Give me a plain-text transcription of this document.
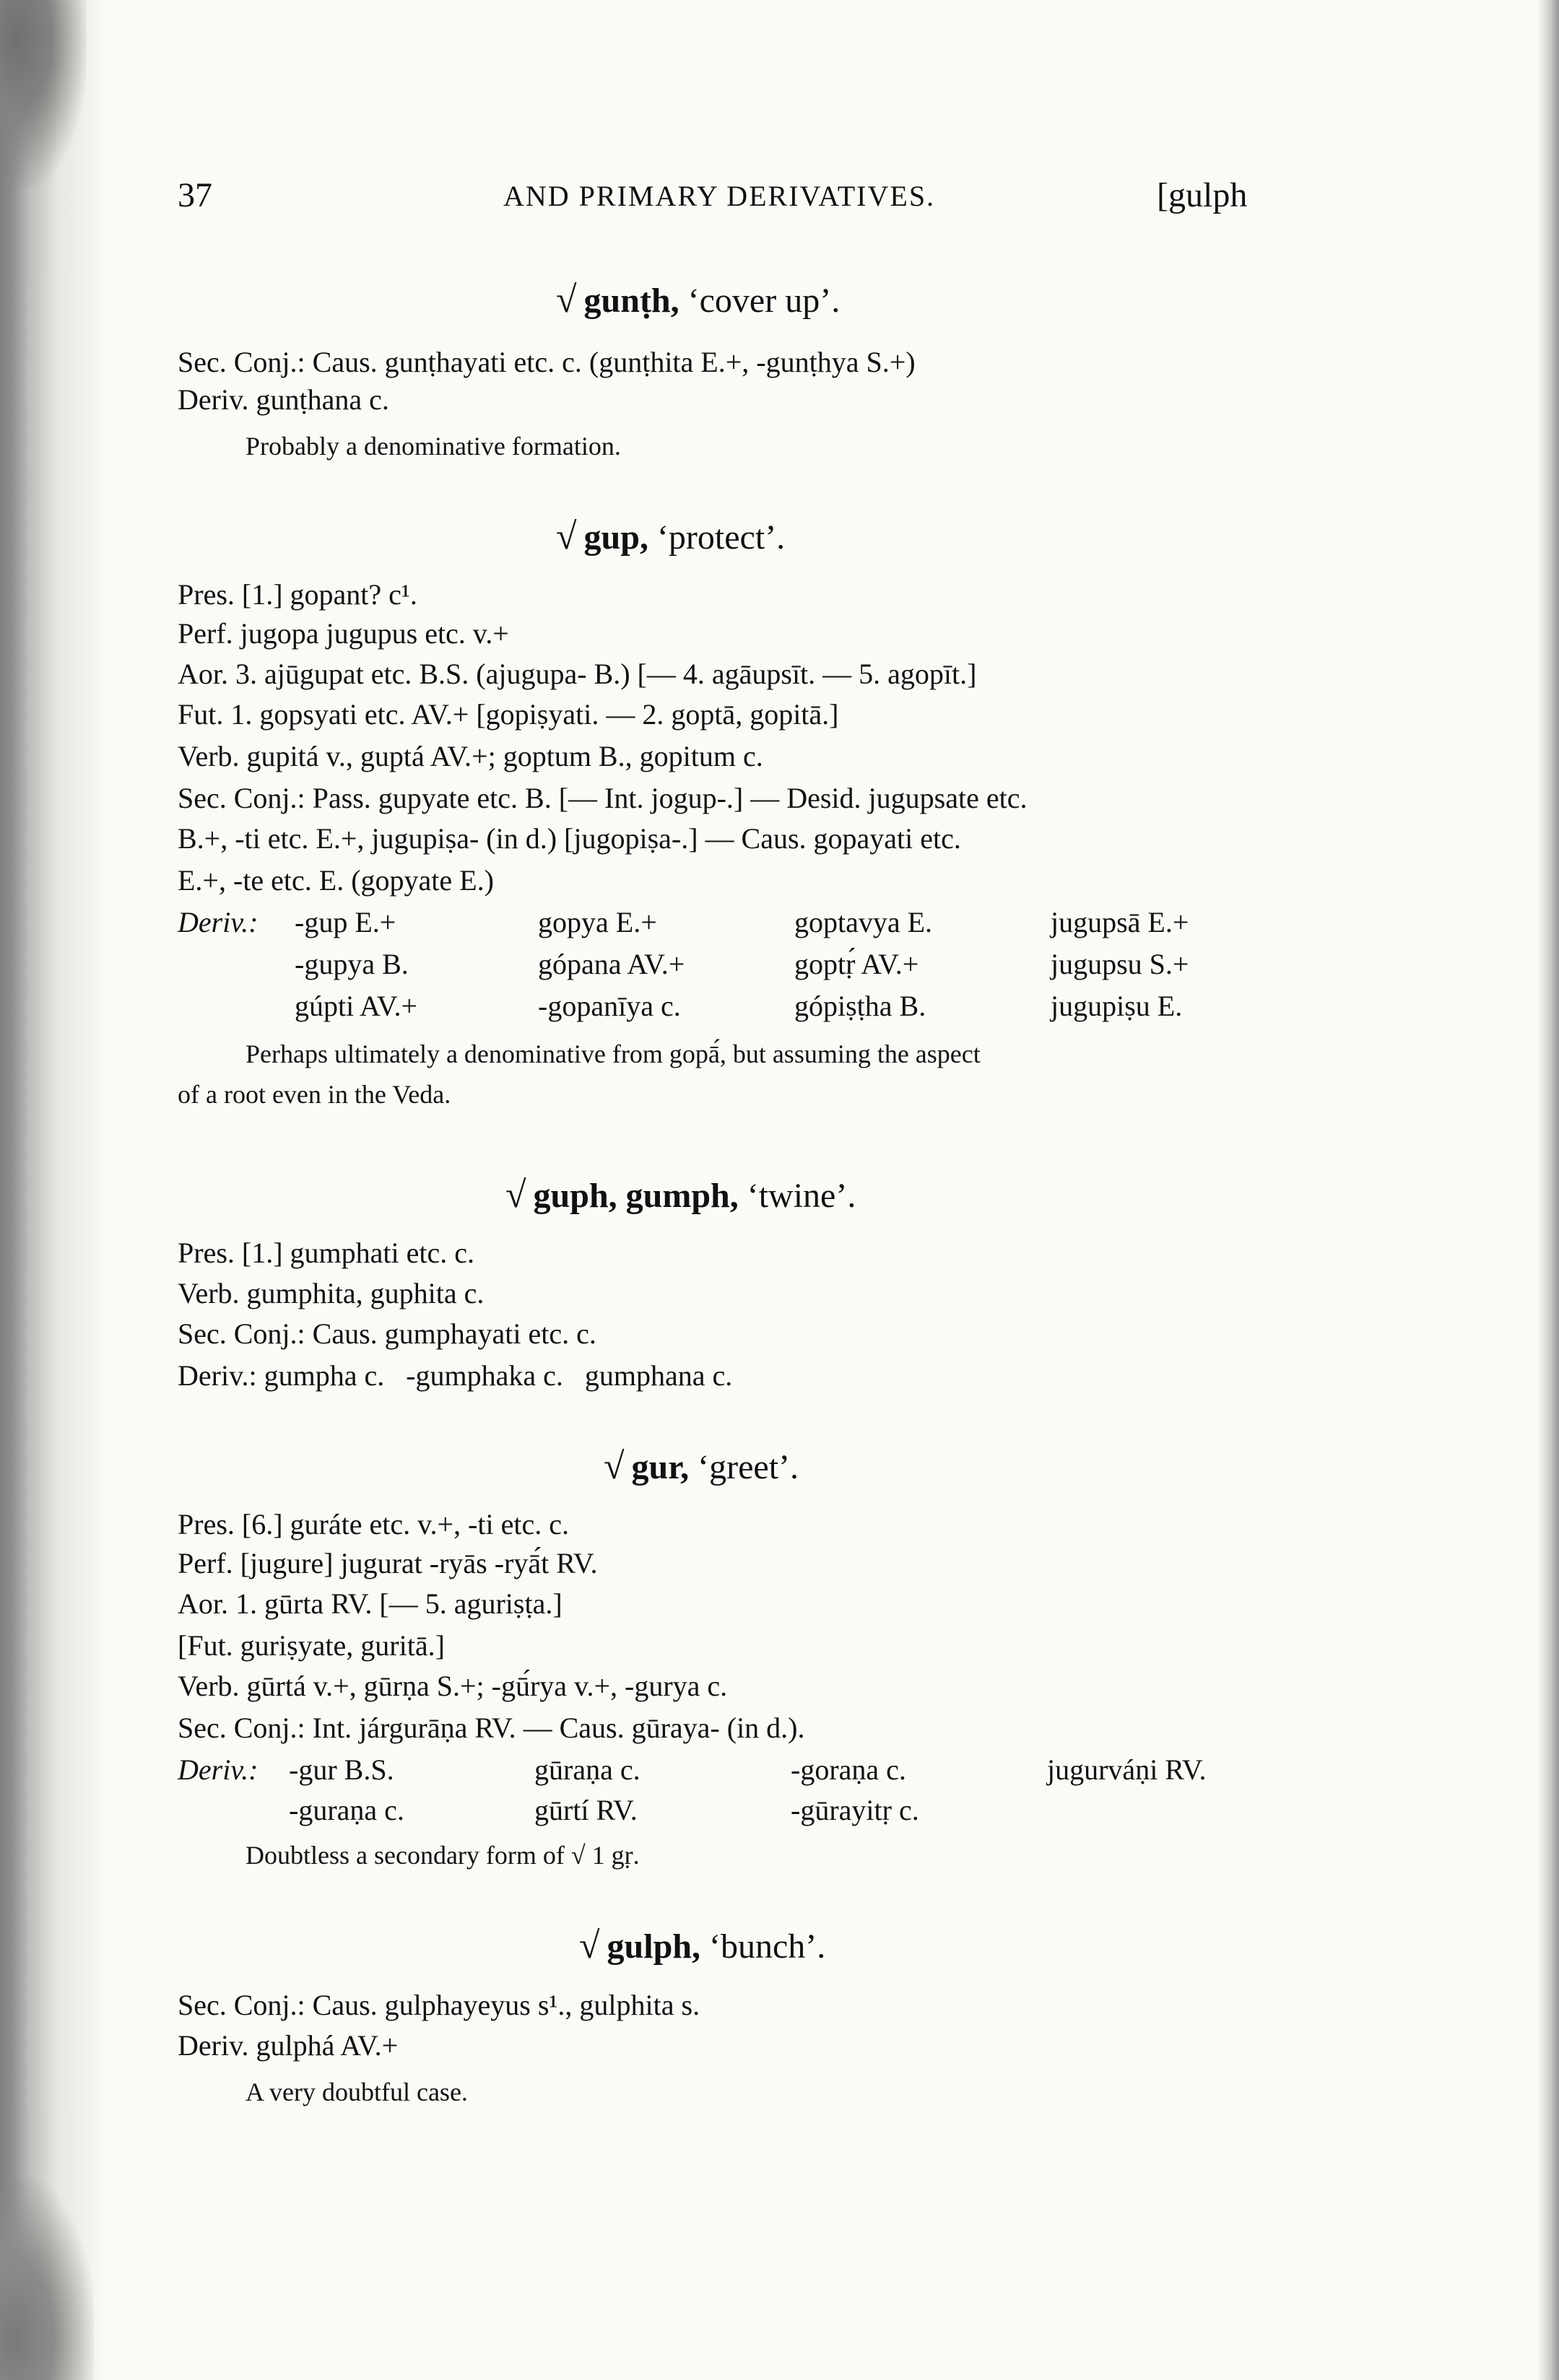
37	AND PRIMARY DERIVATIVES.	[gulph
√ gunṭh, ‘cover up’.
Sec. Conj.: Caus. gunṭhayati etc. c. (gunṭhita E.+, -gunṭhya S.+)
Deriv. gunṭhana c.
Probably a denominative formation.
√ gup, ‘protect’.
Pres. [1.] gopant? c¹.
Perf. jugopa jugupus etc. v.+
Aor. 3. ajūgupat etc. B.S. (ajugupa- B.) [— 4. agāupsīt. — 5. agopīt.]
Fut. 1. gopsyati etc. AV.+ [gopiṣyati. — 2. goptā, gopitā.]
Verb. gupitá v., guptá AV.+; goptum B., gopitum c.
Sec. Conj.: Pass. gupyate etc. B. [— Int. jogup-.] — Desid. jugupsate etc.
B.+, -ti etc. E.+, jugupiṣa- (in d.) [jugopiṣa-.] — Caus. gopayati etc.
E.+, -te etc. E. (gopyate E.)
Deriv.: -gup E.+	gopya E.+	goptavya E.	jugupsā E.+
-gupya B.	gópana AV.+	goptṛ́ AV.+	jugupsu S.+
gúpti AV.+	-gopanīya c.	gópiṣṭha B.	jugupiṣu E.
Perhaps ultimately a denominative from gopā́, but assuming the aspect
of a root even in the Veda.
√ guph, gumph, ‘twine’.
Pres. [1.] gumphati etc. c.
Verb. gumphita, guphita c.
Sec. Conj.: Caus. gumphayati etc. c.
Deriv.: gumpha c.   -gumphaka c.   gumphana c.
√ gur, ‘greet’.
Pres. [6.] guráte etc. v.+, -ti etc. c.
Perf. [jugure] jugurat -ryās -ryā́t RV.
Aor. 1. gūrta RV. [— 5. aguriṣṭa.]
[Fut. guriṣyate, guritā.]
Verb. gūrtá v.+, gūrṇa S.+; -gū́rya v.+, -gurya c.
Sec. Conj.: Int. járgurāṇa RV. — Caus. gūraya- (in d.).
Deriv.: -gur B.S.	gūraṇa c.	-goraṇa c.	jugurváṇi RV.
-guraṇa c.	gūrtí RV.	-gūrayitṛ c.
Doubtless a secondary form of √ 1 gṛ.
√ gulph, ‘bunch’.
Sec. Conj.: Caus. gulphayeyus s¹., gulphita s.
Deriv. gulphá AV.+
A very doubtful case.
